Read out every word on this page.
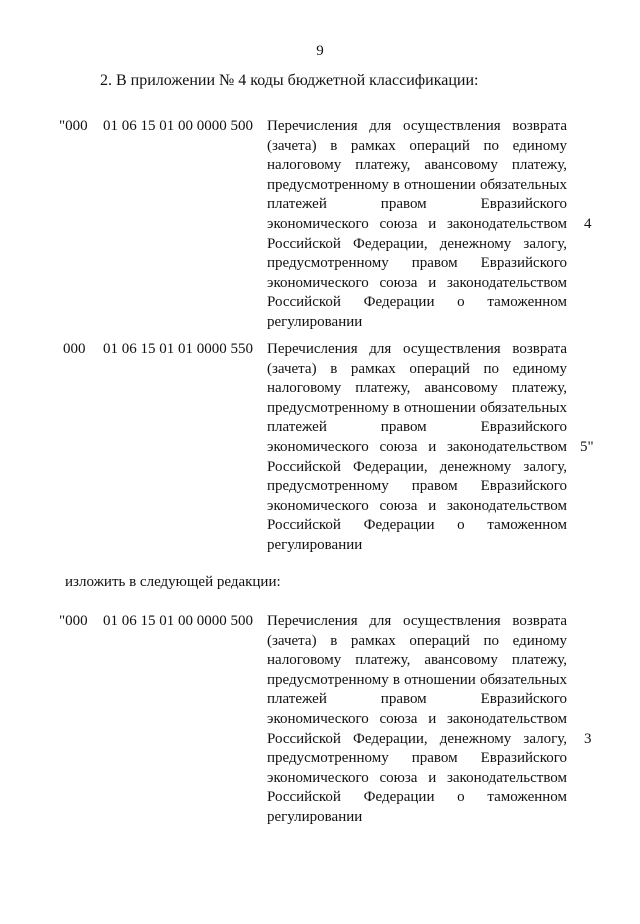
9
2. В приложении № 4 коды бюджетной классификации:
"000 01 06 15 01 00 0000 500 Перечисления для осуществления возврата (зачета) в рамках операций по единому налоговому платежу, авансовому платежу, предусмотренному в отношении обязательных платежей правом Евразийского экономического союза и законодательством Российской Федерации, денежному залогу, предусмотренному правом Евразийского экономического союза и законодательством Российской Федерации о таможенном регулировании

4
000 01 06 15 01 01 0000 550 Перечисления для осуществления возврата (зачета) в рамках операций по единому налоговому платежу, авансовому платежу, предусмотренному в отношении обязательных платежей правом Евразийского экономического союза и законодательством Российской Федерации, денежному залогу, предусмотренному правом Евразийского экономического союза и законодательством Российской Федерации о таможенном регулировании

5"
изложить в следующей редакции:
"000 01 06 15 01 00 0000 500 Перечисления для осуществления возврата (зачета) в рамках операций по единому налоговому платежу, авансовому платежу, предусмотренному в отношении обязательных платежей правом Евразийского экономического союза и законодательством Российской Федерации, денежному залогу, предусмотренному правом Евразийского экономического союза и законодательством Российской Федерации о таможенном регулировании

3
